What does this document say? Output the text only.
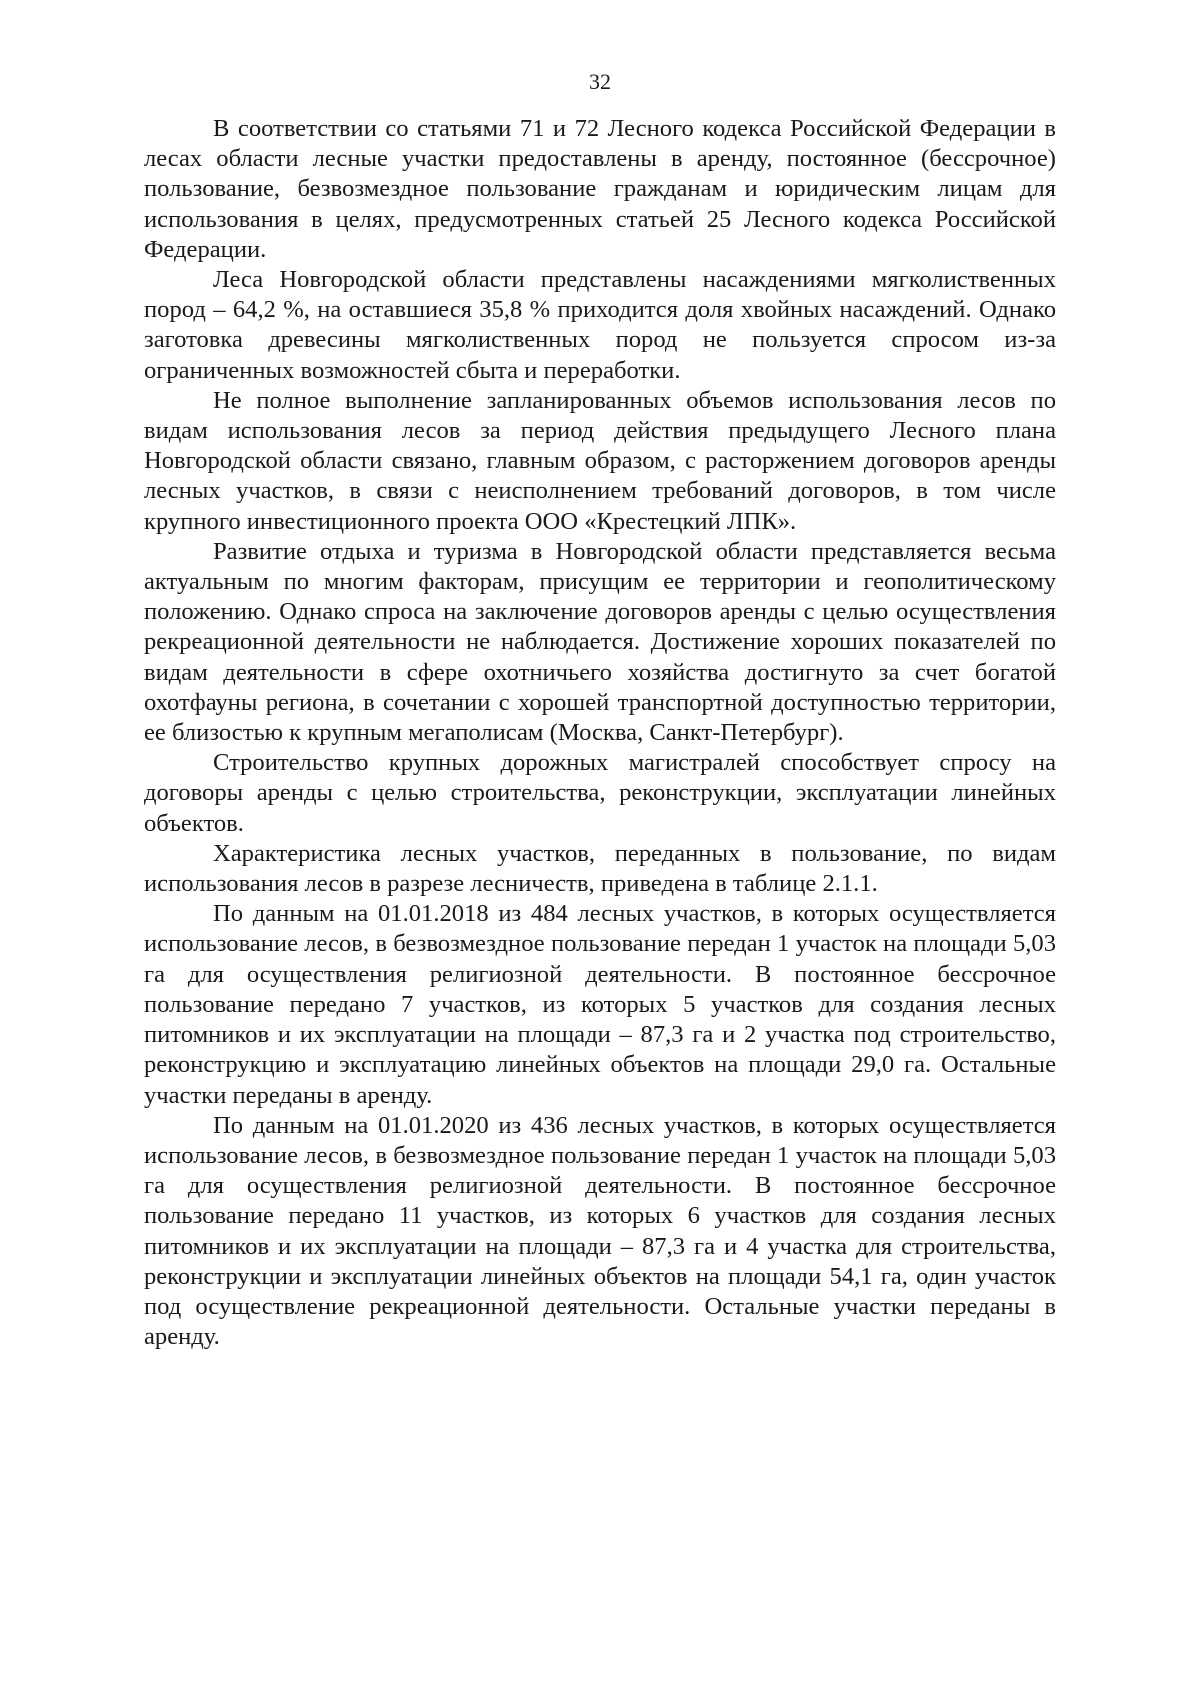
32

В соответствии со статьями 71 и 72 Лесного кодекса Российской Федерации в лесах области лесные участки предоставлены в аренду, постоянное (бессрочное) пользование, безвозмездное пользование гражданам и юридическим лицам для использования в целях, предусмотренных статьей 25 Лесного кодекса Российской Федерации.

Леса Новгородской области представлены насаждениями мягколиственных пород – 64,2 %, на оставшиеся 35,8 % приходится доля хвойных насаждений. Однако заготовка древесины мягколиственных пород не пользуется спросом из-за ограниченных возможностей сбыта и переработки.

Не полное выполнение запланированных объемов использования лесов по видам использования лесов за период действия предыдущего Лесного плана Новгородской области связано, главным образом, с расторжением договоров аренды лесных участков, в связи с неисполнением требований договоров, в том числе крупного инвестиционного проекта ООО «Крестецкий ЛПК».

Развитие отдыха и туризма в Новгородской области представляется весьма актуальным по многим факторам, присущим ее территории и геополитическому положению. Однако спроса на заключение договоров аренды с целью осуществления рекреационной деятельности не наблюдается. Достижение хороших показателей по видам деятельности в сфере охотничьего хозяйства достигнуто за счет богатой охотфауны региона, в сочетании с хорошей транспортной доступностью территории, ее близостью к крупным мегаполисам (Москва, Санкт-Петербург).

Строительство крупных дорожных магистралей способствует спросу на договоры аренды с целью строительства, реконструкции, эксплуатации линейных объектов.

Характеристика лесных участков, переданных в пользование, по видам использования лесов в разрезе лесничеств, приведена в таблице 2.1.1.

По данным на 01.01.2018 из 484 лесных участков, в которых осуществляется использование лесов, в безвозмездное пользование передан 1 участок на площади 5,03 га для осуществления религиозной деятельности. В постоянное бессрочное пользование передано 7 участков, из которых 5 участков для создания лесных питомников и их эксплуатации на площади – 87,3 га и 2 участка под строительство, реконструкцию и эксплуатацию линейных объектов на площади 29,0 га. Остальные участки переданы в аренду.

По данным на 01.01.2020 из 436 лесных участков, в которых осуществляется использование лесов, в безвозмездное пользование передан 1 участок на площади 5,03 га для осуществления религиозной деятельности. В постоянное бессрочное пользование передано 11 участков, из которых 6 участков для создания лесных питомников и их эксплуатации на площади – 87,3 га и 4 участка для строительства, реконструкции и эксплуатации линейных объектов на площади 54,1 га, один участок под осуществление рекреационной деятельности. Остальные участки переданы в аренду.
